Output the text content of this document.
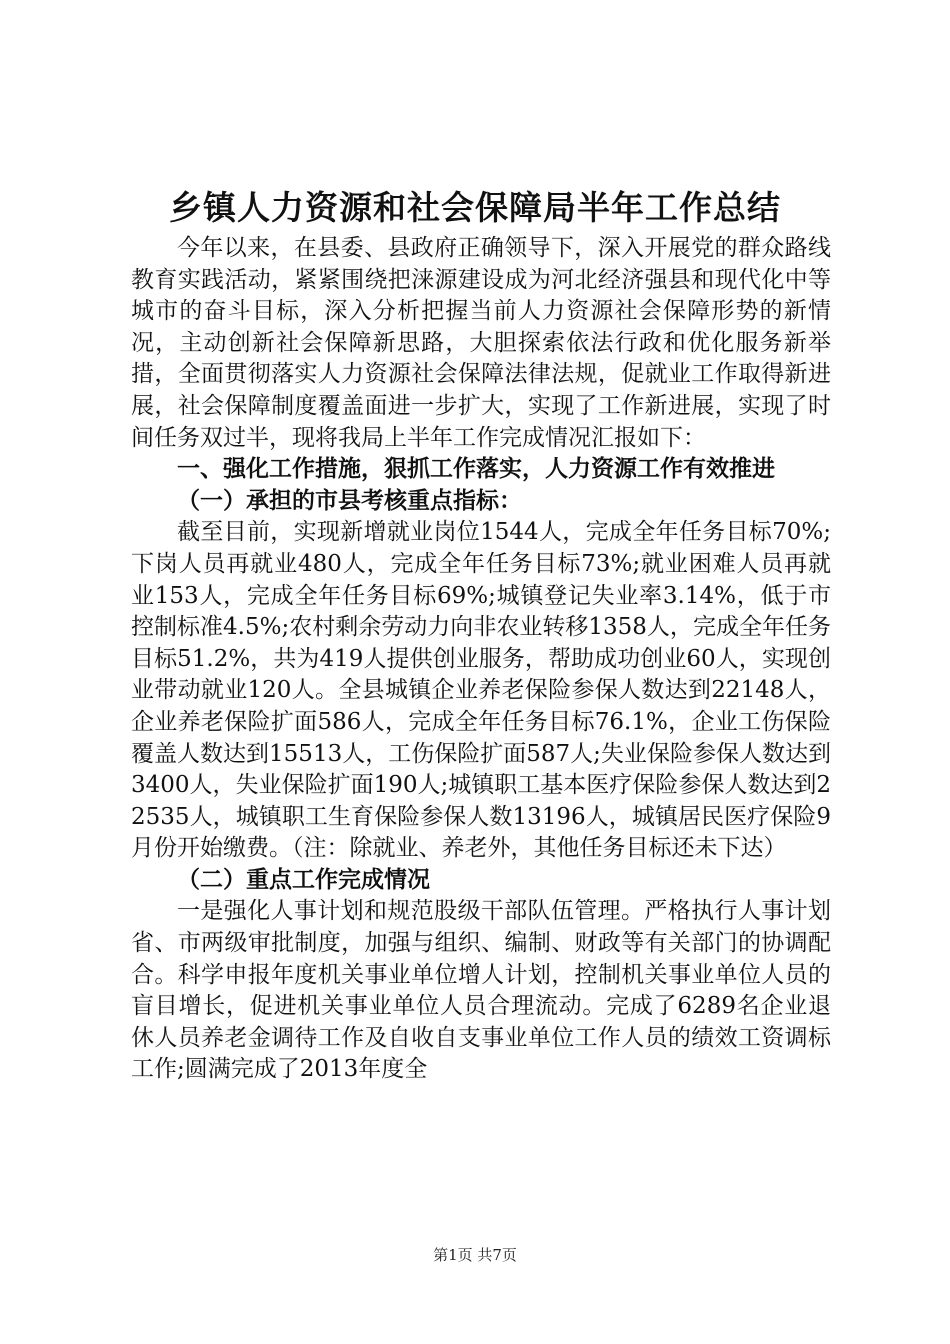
乡镇人力资源和社会保障局半年工作总结

今年以来，在县委、县政府正确领导下，深入开展党的群众路线教育实践活动，紧紧围绕把涞源建设成为河北经济强县和现代化中等城市的奋斗目标，深入分析把握当前人力资源社会保障形势的新情况，主动创新社会保障新思路，大胆探索依法行政和优化服务新举措，全面贯彻落实人力资源社会保障法律法规，促就业工作取得新进展，社会保障制度覆盖面进一步扩大，实现了工作新进展，实现了时间任务双过半，现将我局上半年工作完成情况汇报如下：

一、强化工作措施，狠抓工作落实，人力资源工作有效推进
（一）承担的市县考核重点指标：

截至目前，实现新增就业岗位1544人，完成全年任务目标70%;下岗人员再就业480人，完成全年任务目标73%;就业困难人员再就业153人，完成全年任务目标69%;城镇登记失业率3.14%，低于市控制标准4.5%;农村剩余劳动力向非农业转移1358人，完成全年任务目标51.2%，共为419人提供创业服务，帮助成功创业60人，实现创业带动就业120人。全县城镇企业养老保险参保人数达到22148人，企业养老保险扩面586人，完成全年任务目标76.1%，企业工伤保险覆盖人数达到15513人，工伤保险扩面587人;失业保险参保人数达到3400人，失业保险扩面190人;城镇职工基本医疗保险参保人数达到22535人，城镇职工生育保险参保人数13196人，城镇居民医疗保险9月份开始缴费。（注：除就业、养老外，其他任务目标还未下达）

（二）重点工作完成情况

一是强化人事计划和规范股级干部队伍管理。严格执行人事计划省、市两级审批制度，加强与组织、编制、财政等有关部门的协调配合。科学申报年度机关事业单位增人计划，控制机关事业单位人员的盲目增长，促进机关事业单位人员合理流动。完成了6289名企业退休人员养老金调待工作及自收自支事业单位工作人员的绩效工资调标工作;圆满完成了2013年度全

第1页 共7页
